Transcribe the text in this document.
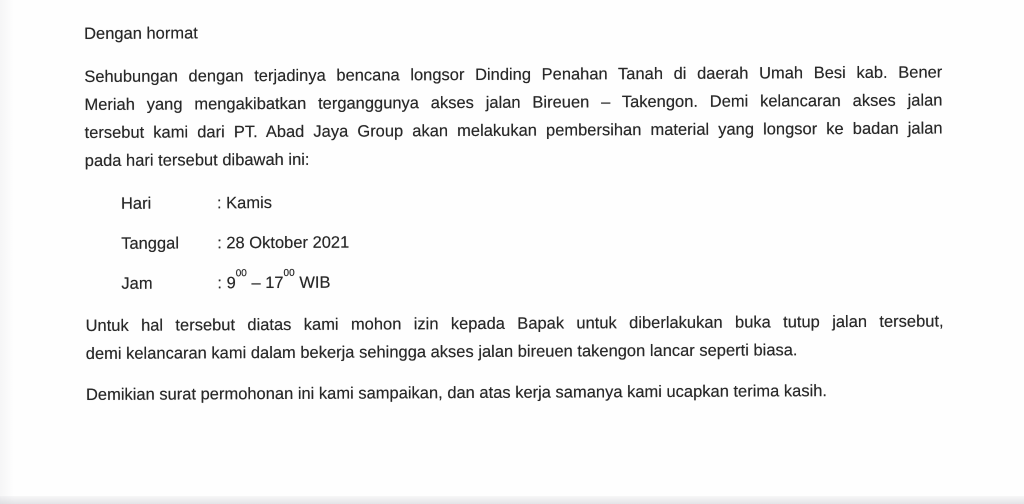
Dengan hormat
Sehubungan dengan terjadinya bencana longsor Dinding Penahan Tanah di daerah Umah Besi kab. Bener
Meriah yang mengakibatkan terganggunya akses jalan Bireuen – Takengon. Demi kelancaran akses jalan
tersebut kami dari PT. Abad Jaya Group akan melakukan pembersihan material yang longsor ke badan jalan
pada hari tersebut dibawah ini:
Hari	: Kamis
Tanggal : 28 Oktober 2021
Jam	: $9^{00} - 17^{00}$ WIB
Untuk hal tersebut diatas kami mohon izin kepada Bapak untuk diberlakukan buka tutup jalan tersebut,
demi kelancaran kami dalam bekerja sehingga akses jalan bireuen takengon lancar seperti biasa.
Demikian surat permohonan ini kami sampaikan, dan atas kerja samanya kami ucapkan terima kasih.
